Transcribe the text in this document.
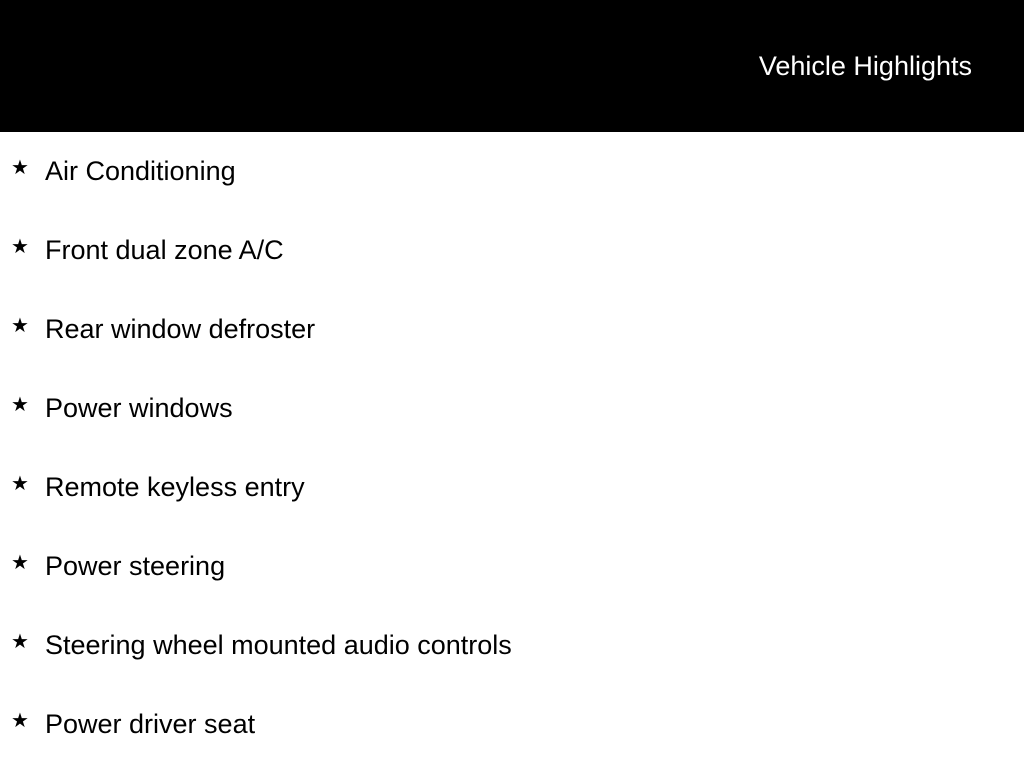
Vehicle Highlights
★ Air Conditioning
★ Front dual zone A/C
★ Rear window defroster
★ Power windows
★ Remote keyless entry
★ Power steering
★ Steering wheel mounted audio controls
★ Power driver seat
